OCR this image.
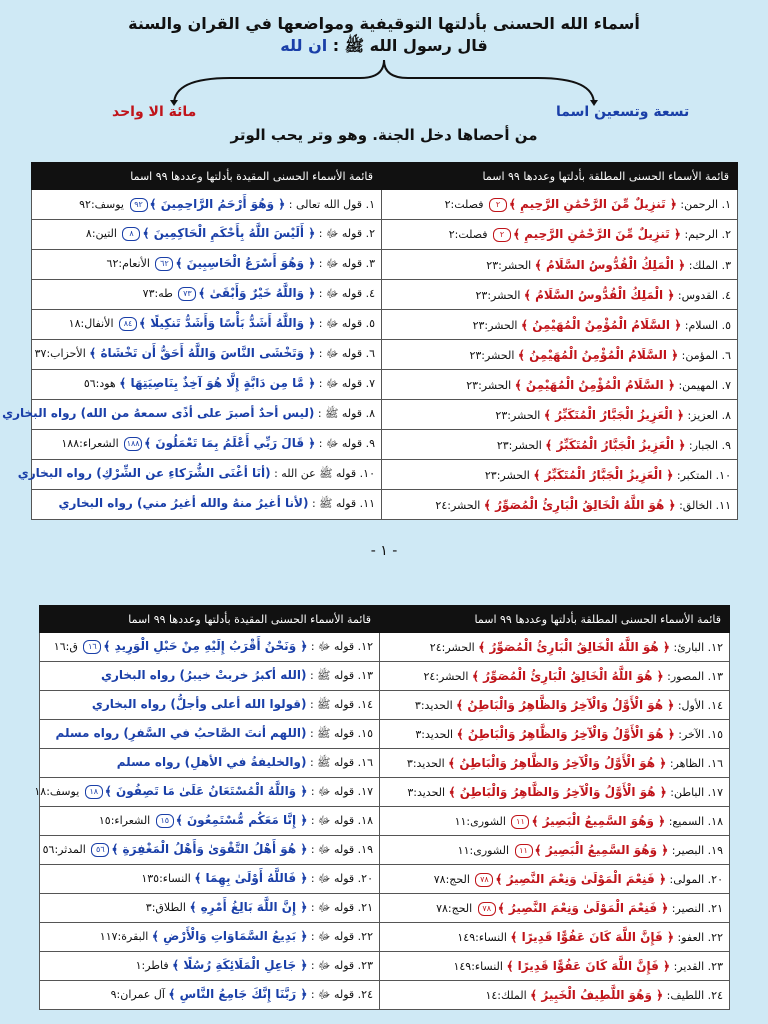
أسماء الله الحسنى بأدلتها التوقيفية ومواضعها في القران والسنة
قال رسول الله ﷺ : ان لله
مائة الا واحد	تسعة وتسعين اسما
من أحصاها دخل الجنة. وهو وتر يحب الوتر
قائمة الأسماء الحسنى المطلقة بأدلتها وعددها ٩٩ اسما	قائمة الأسماء الحسنى المقيدة بأدلتها وعددها ٩٩ اسما
١. الرحمن: ﴿ تَنزِيلٌ مِّنَ الرَّحْمَٰنِ الرَّحِيمِ ﴾٢ فصلت:٢	١. قول الله تعالى : ﴿ وَهُوَ أَرْحَمُ الرَّاحِمِينَ ﴾٩٢ يوسف:٩٢
٢. الرحيم: ﴿ تَنزِيلٌ مِّنَ الرَّحْمَٰنِ الرَّحِيمِ ﴾٢ فصلت:٢	٢. قوله ﷻ : ﴿ أَلَيْسَ اللَّهُ بِأَحْكَمِ الْحَاكِمِينَ ﴾٨ التين:٨
٣. الملك: ﴿ الْمَلِكُ الْقُدُّوسُ السَّلَامُ ﴾ الحشر:٢٣	٣. قوله ﷻ : ﴿ وَهُوَ أَسْرَعُ الْحَاسِبِينَ ﴾٦٢ الأنعام:٦٢
٤. القدوس: ﴿ الْمَلِكُ الْقُدُّوسُ السَّلَامُ ﴾ الحشر:٢٣	٤. قوله ﷻ : ﴿ وَاللَّهُ خَيْرٌ وَأَبْقَىٰ ﴾٧٣ طه:٧٣
٥. السلام: ﴿ السَّلَامُ الْمُؤْمِنُ الْمُهَيْمِنُ ﴾ الحشر:٢٣	٥. قوله ﷻ : ﴿ وَاللَّهُ أَشَدُّ بَأْسًا وَأَشَدُّ تَنكِيلًا ﴾٨٤ الأنفال:١٨
٦. المؤمن: ﴿ السَّلَامُ الْمُؤْمِنُ الْمُهَيْمِنُ ﴾ الحشر:٢٣	٦. قوله ﷻ : ﴿ وَتَخْشَى النَّاسَ وَاللَّهُ أَحَقُّ أَن تَخْشَاهُ ﴾ الأحزاب:٣٧
٧. المهيمن: ﴿ السَّلَامُ الْمُؤْمِنُ الْمُهَيْمِنُ ﴾ الحشر:٢٣	٧. قوله ﷻ : ﴿ مَّا مِن دَابَّةٍ إِلَّا هُوَ آخِذٌ بِنَاصِيَتِهَا ﴾ هود:٥٦
٨. العزيز: ﴿ الْعَزِيزُ الْجَبَّارُ الْمُتَكَبِّرُ ﴾ الحشر:٢٣	٨. قوله ﷺ : (ليس أحدٌ أصبرَ على أذًى سمعهُ من الله) رواه البخاري
٩. الجبار: ﴿ الْعَزِيزُ الْجَبَّارُ الْمُتَكَبِّرُ ﴾ الحشر:٢٣	٩. قوله ﷻ : ﴿ قَالَ رَبِّي أَعْلَمُ بِمَا تَعْمَلُونَ ﴾١٨٨ الشعراء:١٨٨
١٠. المتكبر: ﴿ الْعَزِيزُ الْجَبَّارُ الْمُتَكَبِّرُ ﴾ الحشر:٢٣	١٠. قوله ﷺ عن الله : (أنَا أغْنَى الشُّرَكاءِ عن الشِّرْكِ) رواه البخاري
١١. الخالق: ﴿ هُوَ اللَّهُ الْخَالِقُ الْبَارِئُ الْمُصَوِّرُ ﴾ الحشر:٢٤	١١. قوله ﷺ : (لأنا أغيرُ منهُ والله أغيرُ مني) رواه البخاري
- ١ -
قائمة الأسماء الحسنى المطلقة بأدلتها وعددها ٩٩ اسما	قائمة الأسماء الحسنى المقيدة بأدلتها وعددها ٩٩ اسما
١٢. البارئ: ﴿ هُوَ اللَّهُ الْخَالِقُ الْبَارِئُ الْمُصَوِّرُ ﴾ الحشر:٢٤	١٢. قوله ﷻ : ﴿ وَنَحْنُ أَقْرَبُ إِلَيْهِ مِنْ حَبْلِ الْوَرِيدِ ﴾١٦ ق:١٦
١٣. المصور: ﴿ هُوَ اللَّهُ الْخَالِقُ الْبَارِئُ الْمُصَوِّرُ ﴾ الحشر:٢٤	١٣. قوله ﷺ : (الله أكبرُ خربتْ خيبرُ) رواه البخاري
١٤. الأول: ﴿ هُوَ الْأَوَّلُ وَالْآخِرُ وَالظَّاهِرُ وَالْبَاطِنُ ﴾ الحديد:٣	١٤. قوله ﷺ : (قولوا الله أعلى وأجلُّ) رواه البخاري
١٥. الآخر: ﴿ هُوَ الْأَوَّلُ وَالْآخِرُ وَالظَّاهِرُ وَالْبَاطِنُ ﴾ الحديد:٣	١٥. قوله ﷺ : (اللهم أنتَ الصَّاحبُ في السَّفرِ) رواه مسلم
١٦. الظاهر: ﴿ هُوَ الْأَوَّلُ وَالْآخِرُ وَالظَّاهِرُ وَالْبَاطِنُ ﴾ الحديد:٣	١٦. قوله ﷺ : (والخليفةُ في الأهلِ) رواه مسلم
١٧. الباطن: ﴿ هُوَ الْأَوَّلُ وَالْآخِرُ وَالظَّاهِرُ وَالْبَاطِنُ ﴾ الحديد:٣	١٧. قوله ﷻ : ﴿ وَاللَّهُ الْمُسْتَعَانُ عَلَىٰ مَا تَصِفُونَ ﴾١٨ يوسف:١٨
١٨. السميع: ﴿ وَهُوَ السَّمِيعُ الْبَصِيرُ ﴾١١ الشورى:١١	١٨. قوله ﷻ : ﴿ إِنَّا مَعَكُم مُّسْتَمِعُونَ ﴾١٥ الشعراء:١٥
١٩. البصير: ﴿ وَهُوَ السَّمِيعُ الْبَصِيرُ ﴾١١ الشورى:١١	١٩. قوله ﷻ : ﴿ هُوَ أَهْلُ التَّقْوَىٰ وَأَهْلُ الْمَغْفِرَةِ ﴾٥٦ المدثر:٥٦
٢٠. المولى: ﴿ فَنِعْمَ الْمَوْلَىٰ وَنِعْمَ النَّصِيرُ ﴾٧٨ الحج:٧٨	٢٠. قوله ﷻ : ﴿ فَاللَّهُ أَوْلَىٰ بِهِمَا ﴾ النساء:١٣٥
٢١. النصير: ﴿ فَنِعْمَ الْمَوْلَىٰ وَنِعْمَ النَّصِيرُ ﴾٧٨ الحج:٧٨	٢١. قوله ﷻ : ﴿ إِنَّ اللَّهَ بَالِغُ أَمْرِهِ ﴾ الطلاق:٣
٢٢. العفو: ﴿ فَإِنَّ اللَّهَ كَانَ عَفُوًّا قَدِيرًا ﴾ النساء:١٤٩	٢٢. قوله ﷻ : ﴿ بَدِيعُ السَّمَاوَاتِ وَالْأَرْضِ ﴾ البقرة:١١٧
٢٣. القدير: ﴿ فَإِنَّ اللَّهَ كَانَ عَفُوًّا قَدِيرًا ﴾ النساء:١٤٩	٢٣. قوله ﷻ : ﴿ جَاعِلِ الْمَلَائِكَةِ رُسُلًا ﴾ فاطر:١
٢٤. اللطيف: ﴿ وَهُوَ اللَّطِيفُ الْخَبِيرُ ﴾ الملك:١٤	٢٤. قوله ﷻ : ﴿ رَبَّنَا إِنَّكَ جَامِعُ النَّاسِ ﴾ آل عمران:٩
